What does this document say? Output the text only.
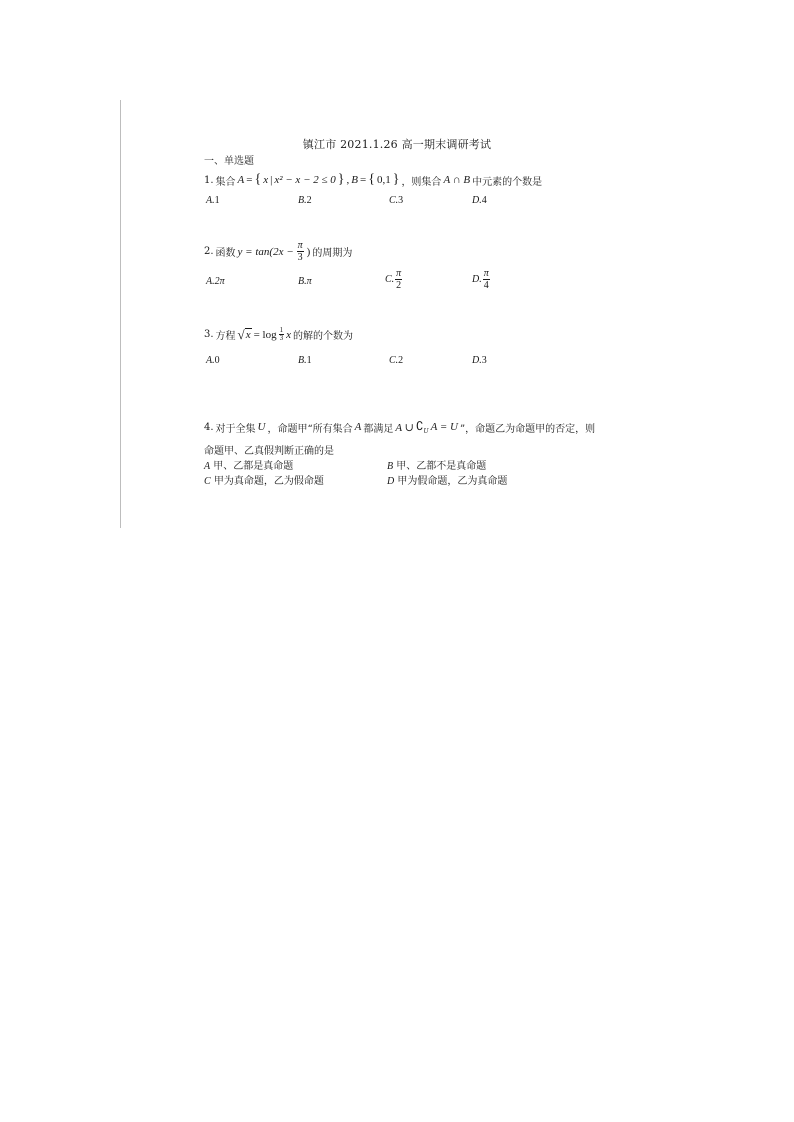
镇江市 2021.1.26 高一期末调研考试
一、单选题
1. 集合 A = { x | x² − x − 2 ≤ 0 } , B = { 0,1 } ，则集合 A ∩ B 中元素的个数是
A.1	B.2	C.3	D.4
2. 函数 $y = \tan(2x - \frac{\pi}{3}$ ) 的周期为
A.2π	B.π	C. $\frac{\pi}{2}$	D. $\frac{\pi}{4}$
3. 方程 √ $x = \log \frac{1}{3}$ x 的解的个数为
A.0	B.1	C.2	D.3
4. 对于全集 U ，命题甲“所有集合 A 都满足 A ∪ $∁_U$ A = U ”，命题乙为命题甲的否定，则
命题甲、乙真假判断正确的是
A 甲、乙都是真命题	B 甲、乙都不是真命题
C 甲为真命题，乙为假命题	D 甲为假命题，乙为真命题
